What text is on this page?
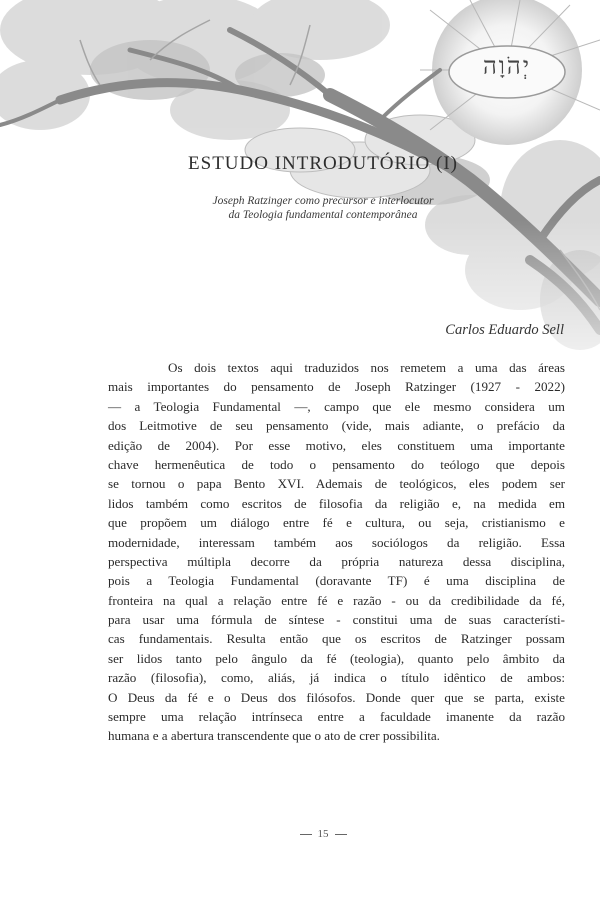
יְהֹוָה
ESTUDO INTRODUTÓRIO (I)
Joseph Ratzinger como precursor e interlocutor
da Teologia fundamental contemporânea
Carlos Eduardo Sell
Os dois textos aqui traduzidos nos remetem a uma das áreas
mais importantes do pensamento de Joseph Ratzinger (1927 - 2022)
— a Teologia Fundamental —, campo que ele mesmo considera um
dos Leitmotive de seu pensamento (vide, mais adiante, o prefácio da
edição de 2004). Por esse motivo, eles constituem uma importante
chave hermenêutica de todo o pensamento do teólogo que depois
se tornou o papa Bento XVI. Ademais de teológicos, eles podem ser
lidos também como escritos de filosofia da religião e, na medida em
que propõem um diálogo entre fé e cultura, ou seja, cristianismo e
modernidade, interessam também aos sociólogos da religião. Essa
perspectiva múltipla decorre da própria natureza dessa disciplina,
pois a Teologia Fundamental (doravante TF) é uma disciplina de
fronteira na qual a relação entre fé e razão - ou da credibilidade da fé,
para usar uma fórmula de síntese - constitui uma de suas característi-
cas fundamentais. Resulta então que os escritos de Ratzinger possam
ser lidos tanto pelo ângulo da fé (teologia), quanto pelo âmbito da
razão (filosofia), como, aliás, já indica o título idêntico de ambos:
O Deus da fé e o Deus dos filósofos. Donde quer que se parta, existe
sempre uma relação intrínseca entre a faculdade imanente da razão
humana e a abertura transcendente que o ato de crer possibilita.
15
